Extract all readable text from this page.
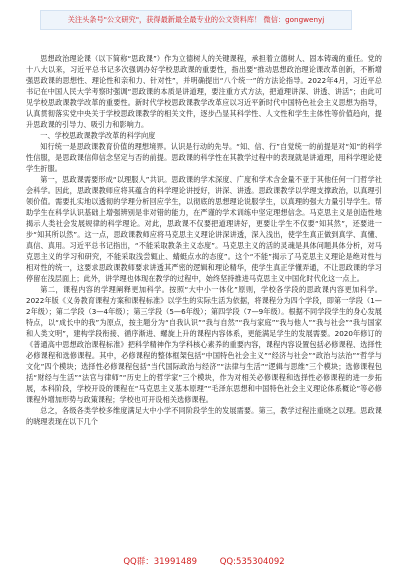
关注头条号"公文研究"，获得最新最全最专业的公文资料库！ 微信：gongwenyj

思想政治理论课（以下简称“思政课”）作为立德树人的关键课程，承担着立德树人、固本铸魂的重任。党的十八大以来，习近平总书记多次强调办好学校思政课的重要性，指出要“推动思想政治理论课改革创新，不断增强思政课的思想性、理论性和亲和力、针对性”，并明确提出“八个统一”的方法论指导。2022年4月，习近平总书记在中国人民大学考察时强调“思政课的本质是讲道理，要注重方式方法，把道理讲深、讲透、讲活”；由此可见学校思政课教学改革的重要性。新时代学校思政课教学改革应以习近平新时代中国特色社会主义思想为指导，认真贯彻落实党中央关于学校思政课教学的相关文件，逐步凸显其科学性、人文性和学生主体性等价值趋向，提升思政课的引导力、吸引力和影响力。

一、学校思政课教学改革的科学向度

知行统一是思政课教育价值的理想境界。认识是行动的先导。“知、信、行”自觉统一的前提是对“知”的科学性信服，是思政课信仰信念坚定与否的前提。思政课的科学性在其教学过程中的表现就是讲道理，用科学理论使学生折服。

第一，思政课需要形成“以理服人”共识。思政课的学术深度、广度和学术含金量不亚于其他任何一门哲学社会科学。因此，思政课教师应将其蕴含的科学理论讲授好，讲深、讲透。思政课教学以学理支撑政治，以真理引领价值。需要扎实地以透彻的学理分析回应学生，以彻底的思想理论说服学生，以真理的强大力量引导学生。帮助学生在科学认识基础上增强辨别是非对错的能力，在严谨的学术训练中坚定理想信念。马克思主义是创造性地揭示人类社会发展规律的科学理论。对此，思政课不仅要把道理讲好，更要让学生不仅要“知其然”，还要进一步“知其所以然”。这一点，思政课教师应将马克思主义理论讲深讲透，深入浅出，使学生真正做到真学、真懂、真信、真用。习近平总书记指出，“不能采取教条主义态度”。马克思主义的活的灵魂是具体问题具体分析，对马克思主义的学习和研究，不能采取浅尝辄止、蜻蜓点水的态度”。这个“不能”揭示了马克思主义理论是绝对性与相对性的统一，这要求思政课教师要求讲透其严密的逻辑和理论精华，使学生真正学懂弄通，不让思政课的学习停留在浅层面上；此外，讲学理也体现在教学的过程中，始终坚持推进马克思主义中国化时代化这一点上。

第二，课程内容的学理阐释更加科学。按照“大中小一体化”原则，学校各学段的思政课内容更加科学。2022年版《义务教育课程方案和课程标准》以学生的实际生活为依据，将课程分为四个学段，即第一学段（1—2年级）；第二学段（3—4年级）；第三学段（5—6年级）；第四学段（7—9年级）。根据不同学段学生的身心发展特点，以“成长中的我”为原点，按主题分为“自我认识”“我与自然”“我与家庭”“我与他人”“我与社会”“我与国家和人类文明”，建构学段衔接、循序渐进、螺旋上升的课程内容体系，更能满足学生的发展需要。2020年修订的《普通高中思想政治课程标准》把科学精神作为学科核心素养的重要内容，课程内容设置包括必修课程、选择性必修课程和选修课程。其中，必修课程的整体框架包括“中国特色社会主义”“经济与社会”“政治与法治”“哲学与文化”四个模块；选择性必修课程包括“当代国际政治与经济”“法律与生活”“逻辑与思维”三个模块；选修课程包括“财经与生活”“法官与律师”“历史上的哲学家”三个模块，作为对相关必修课程和选择性必修课程的进一步拓展，本科阶段，学校开设的课程在“马克思主义基本原理”“毛泽东思想和中国特色社会主义理论体系概论”等必修课程外增加形势与政策课程；学校也可开设相关选修课程。

总之，各级各类学校多维度满足大中小学不同阶段学生的发展需要。第三，教学过程注重晓之以理。思政课的晓理表现在以下几个

QQ群：31991489	QQ:535304092
